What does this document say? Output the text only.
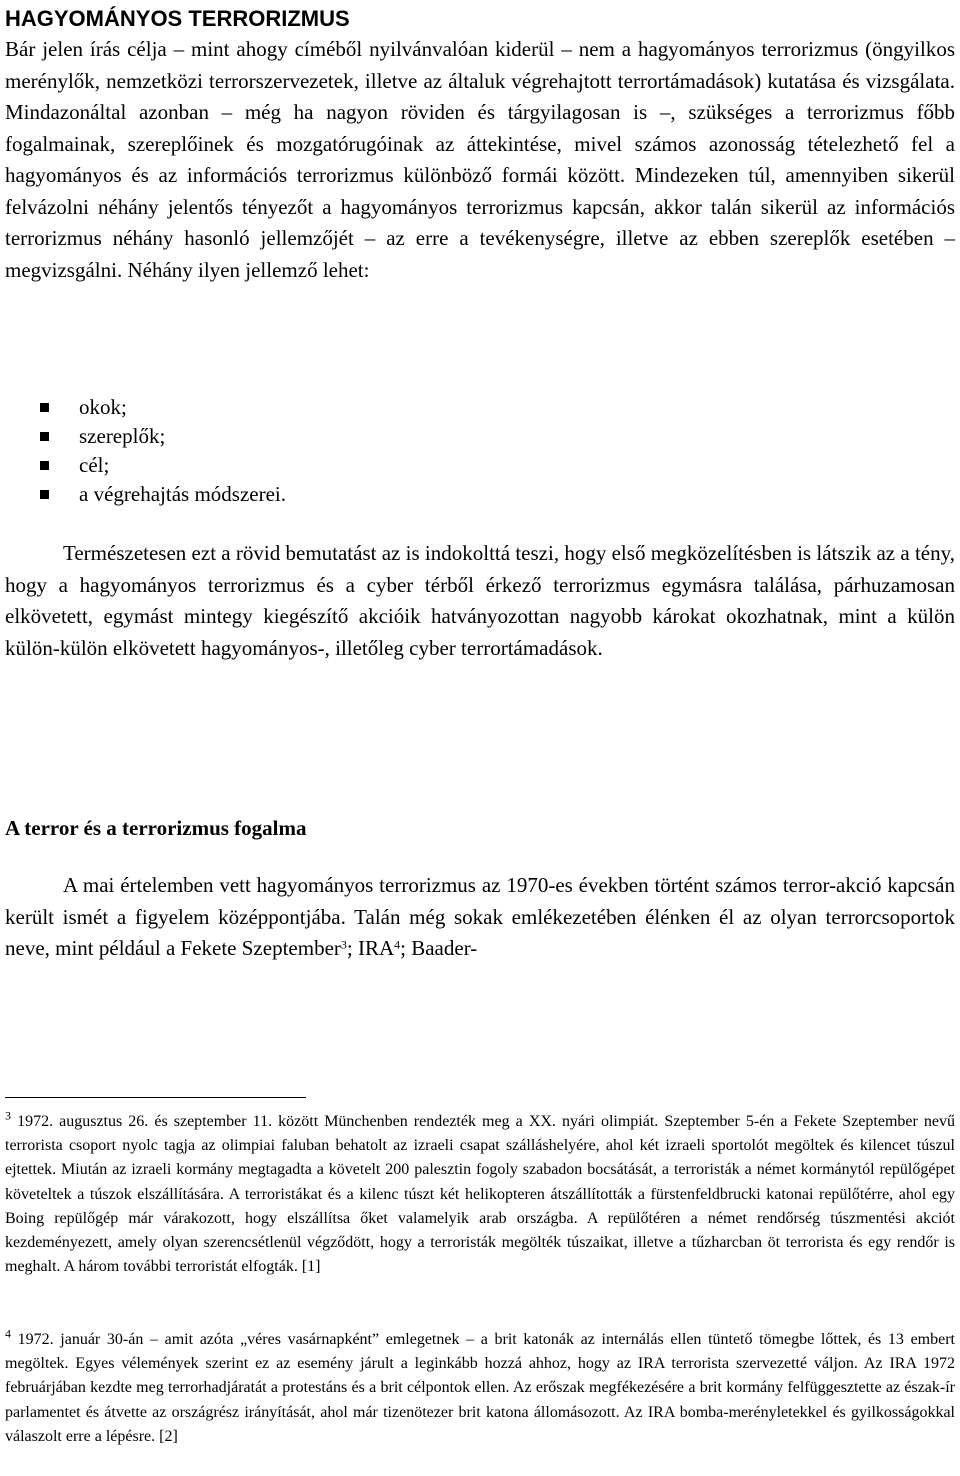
HAGYOMÁNYOS TERRORIZMUS

Bár jelen írás célja – mint ahogy címéből nyilvánvalóan kiderül – nem a hagyományos terrorizmus (öngyilkos merénylők, nemzetközi terrorszervezetek, illetve az általuk végrehajtott terrortámadások) kutatása és vizsgálata. Mindazonáltal azonban – még ha nagyon röviden és tárgyilagosan is –, szükséges a terrorizmus főbb fogalmainak, szereplőinek és mozgatórugóinak az áttekintése, mivel számos azonosság tételezhető fel a hagyományos és az információs terrorizmus különböző formái között. Mindezeken túl, amennyiben sikerül felvázolni néhány jelentős tényezőt a hagyományos terrorizmus kapcsán, akkor talán sikerül az információs terrorizmus néhány hasonló jellemzőjét – az erre a tevékenységre, illetve az ebben szereplők esetében – megvizsgálni. Néhány ilyen jellemző lehet:

okok;
szereplők;
cél;
a végrehajtás módszerei.

Természetesen ezt a rövid bemutatást az is indokolttá teszi, hogy első megközelítésben is látszik az a tény, hogy a hagyományos terrorizmus és a cyber térből érkező terrorizmus egymásra találása, párhuzamosan elkövetett, egymást mintegy kiegészítő akcióik hatványozottan nagyobb károkat okozhatnak, mint a külön külön-külön elkövetett hagyományos-, illetőleg cyber terrortámadások.

A terror és a terrorizmus fogalma

A mai értelemben vett hagyományos terrorizmus az 1970-es években történt számos terror-akció kapcsán került ismét a figyelem középpontjába. Talán még sokak emlékezetében élénken él az olyan terrorcsoportok neve, mint például a Fekete Szeptember$^3$; IRA$^4$; Baader-

$^3$ 1972. augusztus 26. és szeptember 11. között Münchenben rendezték meg a XX. nyári olimpiát. Szeptember 5-én a Fekete Szeptember nevű terrorista csoport nyolc tagja az olimpiai faluban behatolt az izraeli csapat szálláshelyére, ahol két izraeli sportolót megöltek és kilencet túszul ejtettek. Miután az izraeli kormány megtagadta a követelt 200 palesztin fogoly szabadon bocsátását, a terroristák a német kormánytól repülőgépet követeltek a túszok elszállítására. A terroristákat és a kilenc túszt két helikopteren átszállították a fürstenfeldbrucki katonai repülőtérre, ahol egy Boing repülőgép már várakozott, hogy elszállítsa őket valamelyik arab országba. A repülőtéren a német rendőrség túszmentési akciót kezdeményezett, amely olyan szerencsétlenül végződött, hogy a terroristák megölték túszaikat, illetve a tűzharcban öt terrorista és egy rendőr is meghalt. A három további terroristát elfogták. [1]

$^4$ 1972. január 30-án – amit azóta „véres vasárnapként” emlegetnek – a brit katonák az internálás ellen tüntető tömegbe lőttek, és 13 embert megöltek. Egyes vélemények szerint ez az esemény járult a leginkább hozzá ahhoz, hogy az IRA terrorista szervezetté váljon. Az IRA 1972 februárjában kezdte meg terrorhadjáratát a protestáns és a brit célpontok ellen. Az erőszak megfékezésére a brit kormány felfüggesztette az észak-ír parlamentet és átvette az országrész irányítását, ahol már tizenötezer brit katona állomásozott. Az IRA bomba-merényletekkel és gyilkosságokkal válaszolt erre a lépésre. [2]
